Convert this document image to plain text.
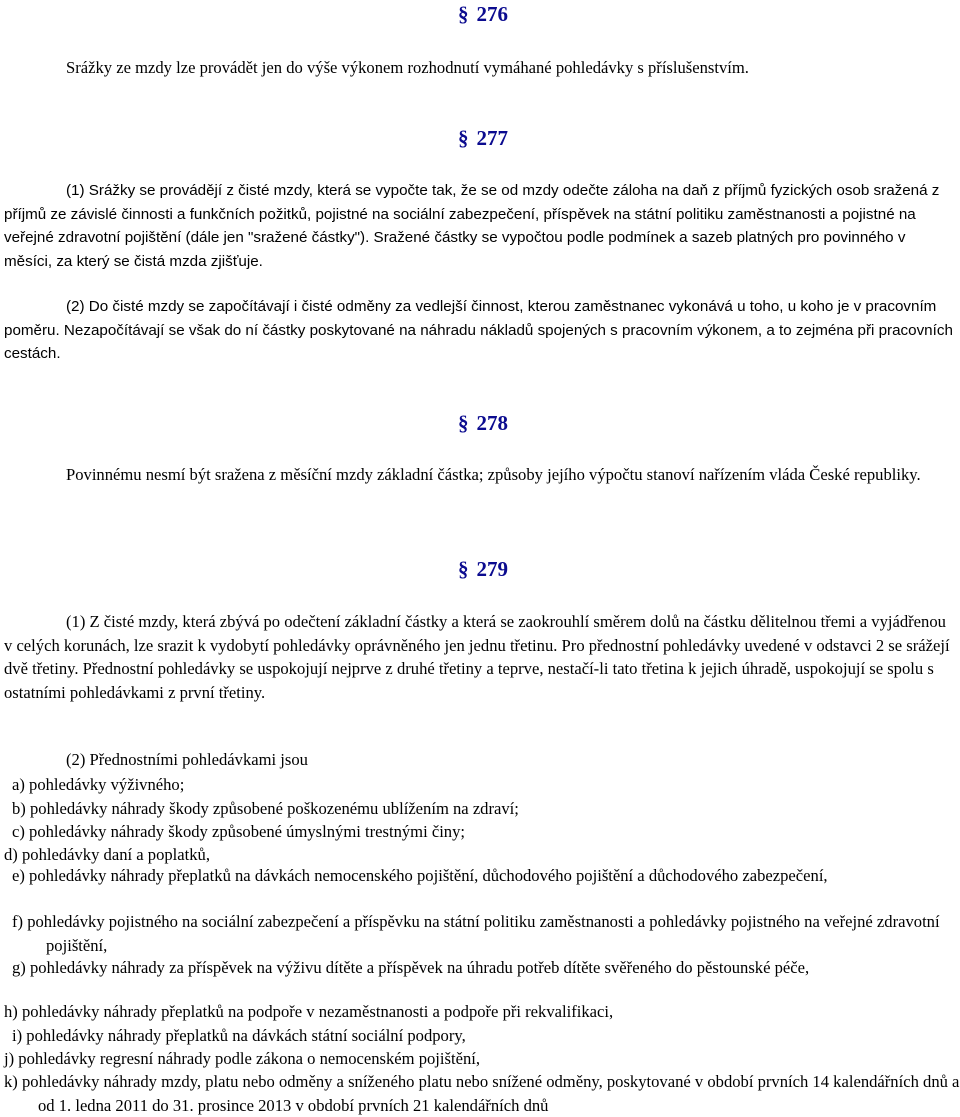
§ 276

Srážky ze mzdy lze provádět jen do výše výkonem rozhodnutí vymáhané pohledávky s příslušenstvím.

§ 277

(1) Srážky se provádějí z čisté mzdy, která se vypočte tak, že se od mzdy odečte záloha na daň z příjmů fyzických osob sražená z příjmů ze závislé činnosti a funkčních požitků, pojistné na sociální zabezpečení, příspěvek na státní politiku zaměstnanosti a pojistné na veřejné zdravotní pojištění (dále jen "sražené částky"). Sražené částky se vypočtou podle podmínek a sazeb platných pro povinného v měsíci, za který se čistá mzda zjišťuje.

(2) Do čisté mzdy se započítávají i čisté odměny za vedlejší činnost, kterou zaměstnanec vykonává u toho, u koho je v pracovním poměru. Nezapočítávají se však do ní částky poskytované na náhradu nákladů spojených s pracovním výkonem, a to zejména při pracovních cestách.

§ 278

Povinnému nesmí být sražena z měsíční mzdy základní částka; způsoby jejího výpočtu stanoví nařízením vláda České republiky.

§ 279

(1) Z čisté mzdy, která zbývá po odečtení základní částky a která se zaokrouhlí směrem dolů na částku dělitelnou třemi a vyjádřenou v celých korunách, lze srazit k vydobytí pohledávky oprávněného jen jednu třetinu. Pro přednostní pohledávky uvedené v odstavci 2 se srážejí dvě třetiny. Přednostní pohledávky se uspokojují nejprve z druhé třetiny a teprve, nestačí-li tato třetina k jejich úhradě, uspokojují se spolu s ostatními pohledávkami z první třetiny.

(2) Přednostními pohledávkami jsou

a) pohledávky výživného;

b) pohledávky náhrady škody způsobené poškozenému ublížením na zdraví;

c) pohledávky náhrady škody způsobené úmyslnými trestnými činy;

d) pohledávky daní a poplatků,

e) pohledávky náhrady přeplatků na dávkách nemocenského pojištění, důchodového pojištění a důchodového zabezpečení,

f) pohledávky pojistného na sociální zabezpečení a příspěvku na státní politiku zaměstnanosti a pohledávky pojistného na veřejné zdravotní pojištění,

g) pohledávky náhrady za příspěvek na výživu dítěte a příspěvek na úhradu potřeb dítěte svěřeného do pěstounské péče,

h) pohledávky náhrady přeplatků na podpoře v nezaměstnanosti a podpoře při rekvalifikaci,

i) pohledávky náhrady přeplatků na dávkách státní sociální podpory,

j) pohledávky regresní náhrady podle zákona o nemocenském pojištění,

k) pohledávky náhrady mzdy, platu nebo odměny a sníženého platu nebo snížené odměny, poskytované v období prvních 14 kalendářních dnů a od 1. ledna 2011 do 31. prosince 2013 v období prvních 21 kalendářních dnů
